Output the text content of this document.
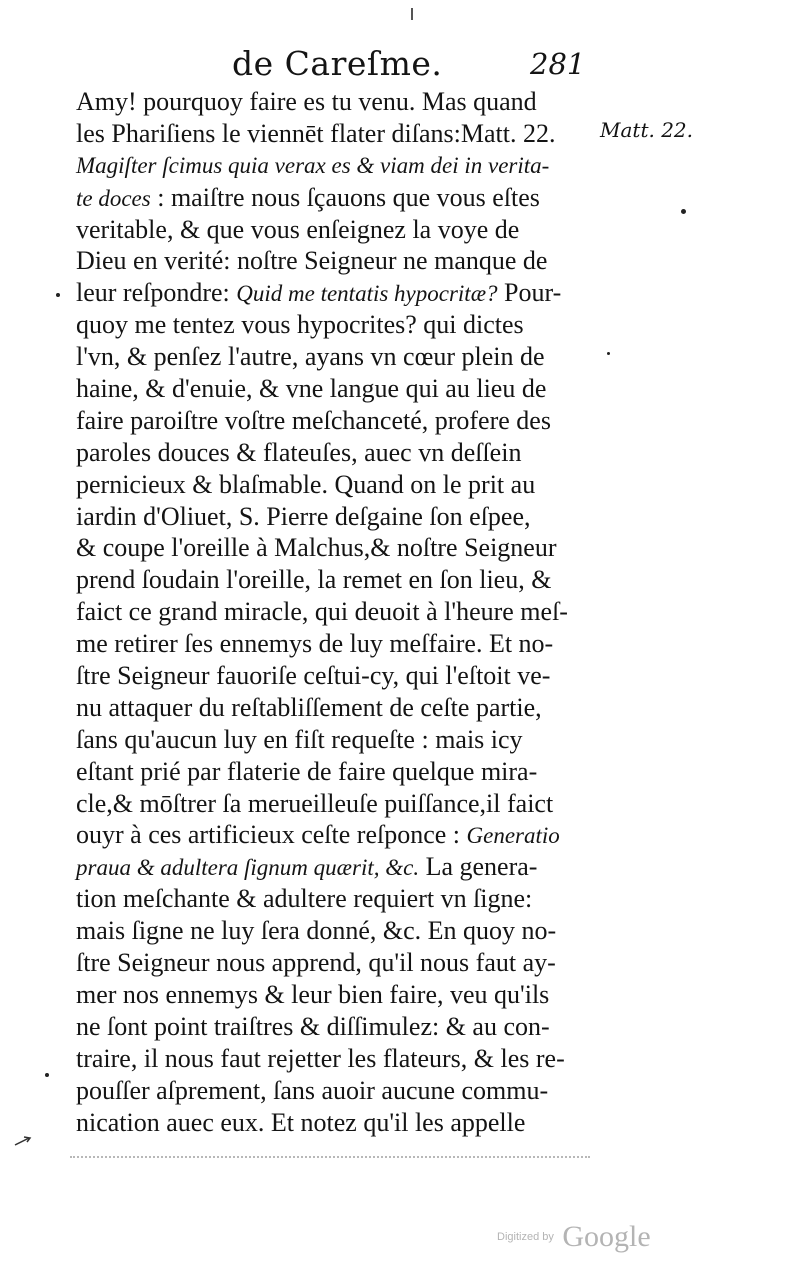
de Careſme.	281
Amy! pourquoy faire es tu venu. Mas quand
les Phariſiens le viennēt flater diſans:Matt. 22.
Magiſter ſcimus quia verax es & viam dei in verita-
te doces : maiſtre nous ſçauons que vous eſtes
veritable, & que vous enſeignez la voye de
Dieu en verité: noſtre Seigneur ne manque de
leur reſpondre: Quid me tentatis hypocritæ? Pour-
quoy me tentez vous hypocrites? qui dictes
l'vn, & penſez l'autre, ayans vn cœur plein de
haine, & d'enuie, & vne langue qui au lieu de
faire paroiſtre voſtre meſchanceté, profere des
paroles douces & flateuſes, auec vn deſſein
pernicieux & blaſmable. Quand on le prit au
iardin d'Oliuet, S. Pierre deſgaine ſon eſpee,
& coupe l'oreille à Malchus,& noſtre Seigneur
prend ſoudain l'oreille, la remet en ſon lieu, &
faict ce grand miracle, qui deuoit à l'heure meſ-
me retirer ſes ennemys de luy meſfaire. Et no-
ſtre Seigneur fauoriſe ceſtui-cy, qui l'eſtoit ve-
nu attaquer du reſtabliſſement de ceſte partie,
ſans qu'aucun luy en fiſt requeſte : mais icy
eſtant prié par flaterie de faire quelque mira-
cle,& mōſtrer ſa merueilleuſe puiſſance,il faict
ouyr à ces artificieux ceſte reſponce : Generatio
praua & adultera ſignum quærit, &c. La genera-
tion meſchante & adultere requiert vn ſigne:
mais ſigne ne luy ſera donné, &c. En quoy no-
ſtre Seigneur nous apprend, qu'il nous faut ay-
mer nos ennemys & leur bien faire, veu qu'ils
ne ſont point traiſtres & diſſimulez: & au con-
traire, il nous faut rejetter les flateurs, & les re-
pouſſer aſprement, ſans auoir aucune commu-
nication auec eux. Et notez qu'il les appelle
Matt. 22.
Digitized by Google
